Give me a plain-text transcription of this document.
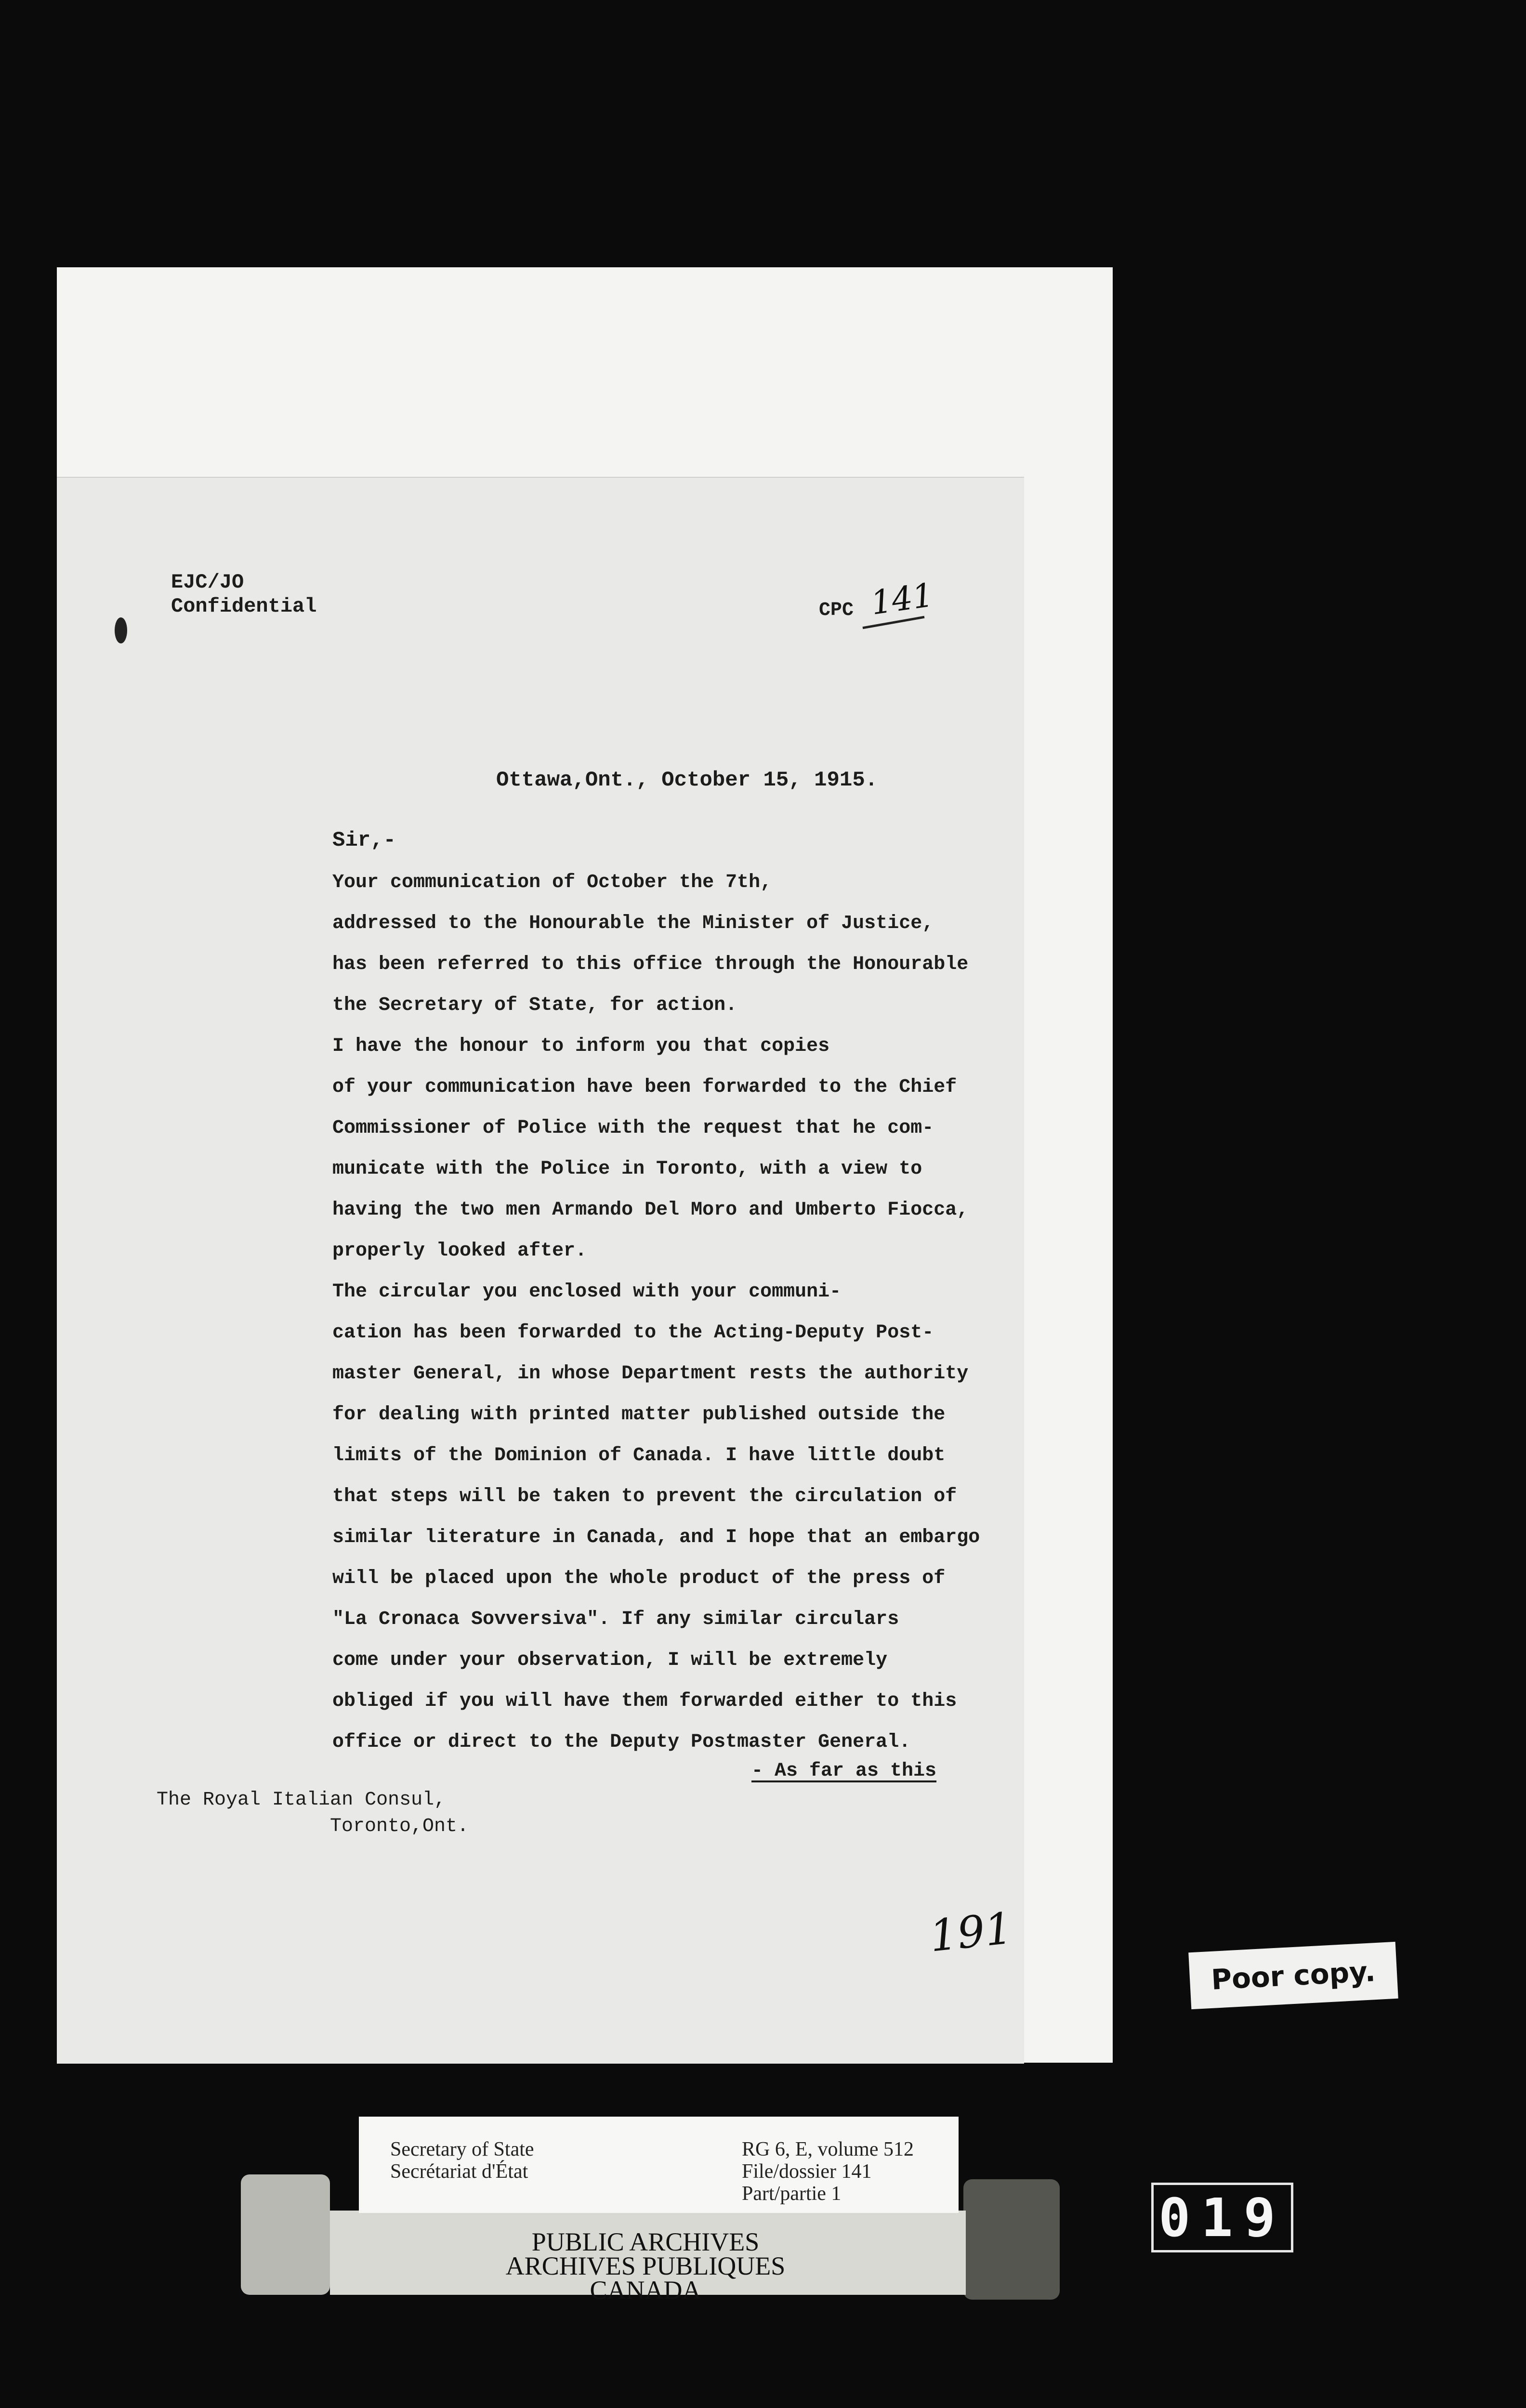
EJC/JO
Confidential	CPC 141
Ottawa,Ont., October 15, 1915.
Sir,-
Your communication of October the 7th,
addressed to the Honourable the Minister of Justice,
has been referred to this office through the Honourable
the Secretary of State, for action.
I have the honour to inform you that copies
of your communication have been forwarded to the Chief
Commissioner of Police with the request that he com-
municate with the Police in Toronto, with a view to
having the two men Armando Del Moro and Umberto Fiocca,
properly looked after.
The circular you enclosed with your communi-
cation has been forwarded to the Acting-Deputy Post-
master General, in whose Department rests the authority
for dealing with printed matter published outside the
limits of the Dominion of Canada. I have little doubt
that steps will be taken to prevent the circulation of
similar literature in Canada, and I hope that an embargo
will be placed upon the whole product of the press of
"La Cronaca Sovversiva". If any similar circulars
come under your observation, I will be extremely
obliged if you will have them forwarded either to this
office or direct to the Deputy Postmaster General.
- As far as this
The Royal Italian Consul,
Toronto,Ont.
191
Poor copy.
Secretary of State
Secrétariat d'État
RG 6, E, volume 512
File/dossier 141
Part/partie 1
PUBLIC ARCHIVES
ARCHIVES PUBLIQUES
CANADA
019
